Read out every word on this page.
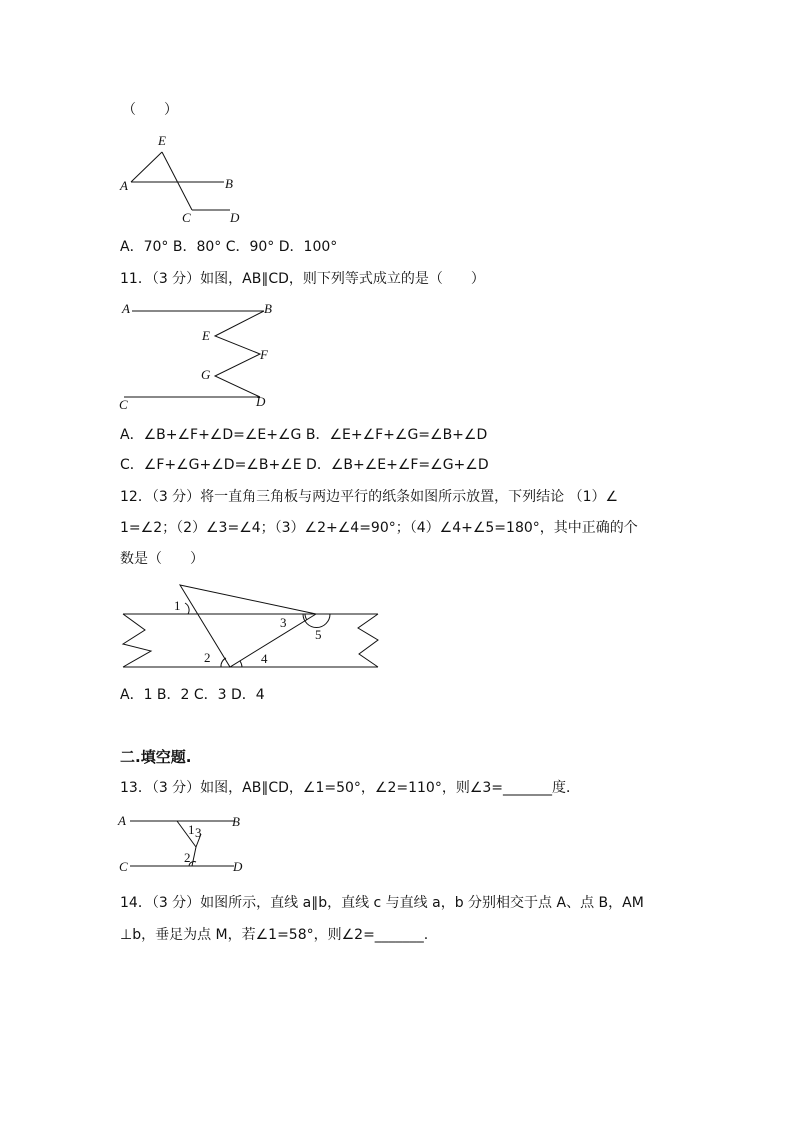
（　　）
E
A	B
C	D
A．70° B．80° C．90° D．100°
11．（3 分）如图，AB∥CD，则下列等式成立的是（　　）
A	B
E
F
G
C	D
A．∠B+∠F+∠D=∠E+∠G B．∠E+∠F+∠G=∠B+∠D
C．∠F+∠G+∠D=∠B+∠E D．∠B+∠E+∠F=∠G+∠D
12．（3 分）将一直角三角板与两边平行的纸条如图所示放置，下列结论 （1）∠
1=∠2；（2）∠3=∠4；（3）∠2+∠4=90°；（4）∠4+∠5=180°，其中正确的个
数是（　　）
1
2
3
4
5
A．1 B．2 C．3 D．4
二.填空题.
13．（3 分）如图，AB∥CD，∠1=50°，∠2=110°，则∠3=_______度．
A	B
C	D
1 3
2
14．（3 分）如图所示，直线 a∥b，直线 c 与直线 a，b 分别相交于点 A、点 B，AM
⊥b，垂足为点 M，若∠1=58°，则∠2=_______.
